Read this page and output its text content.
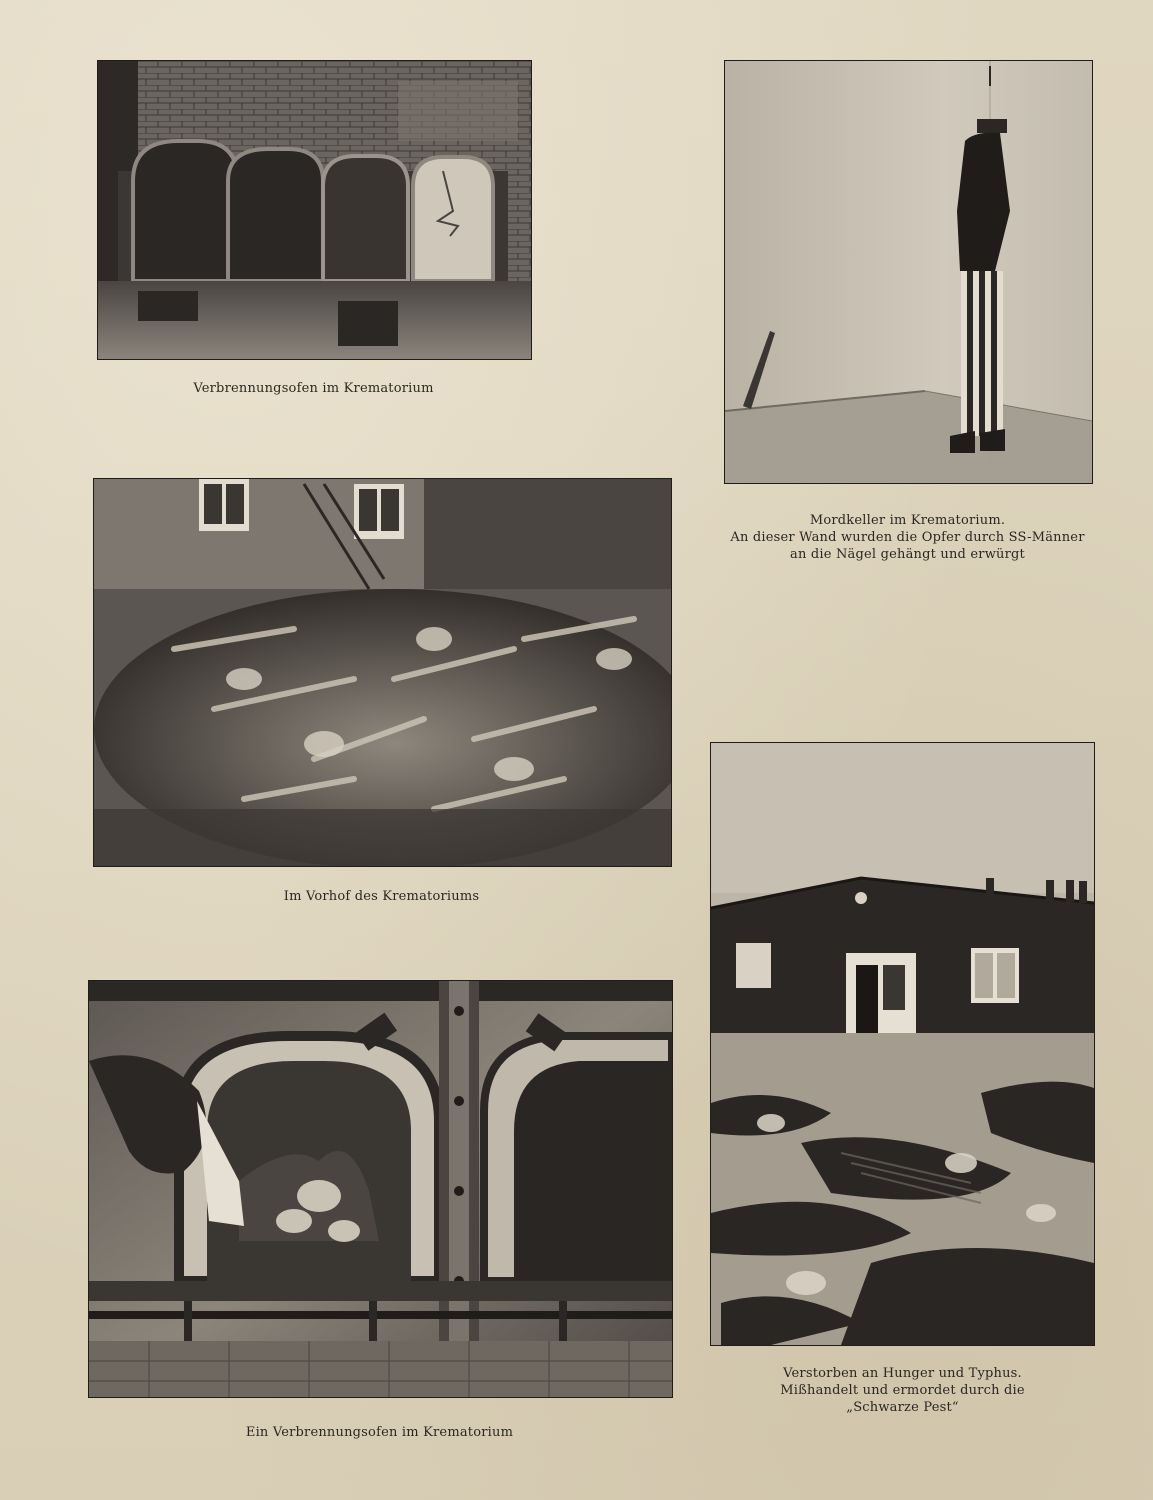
Verbrennungsofen im Krematorium
Mordkeller im Krematorium.
An dieser Wand wurden die Opfer durch SS-Männer
an die Nägel gehängt und erwürgt
Im Vorhof des Krematoriums
Verstorben an Hunger und Typhus.
Mißhandelt und ermordet durch die
„Schwarze Pest“
Ein Verbrennungsofen im Krematorium
